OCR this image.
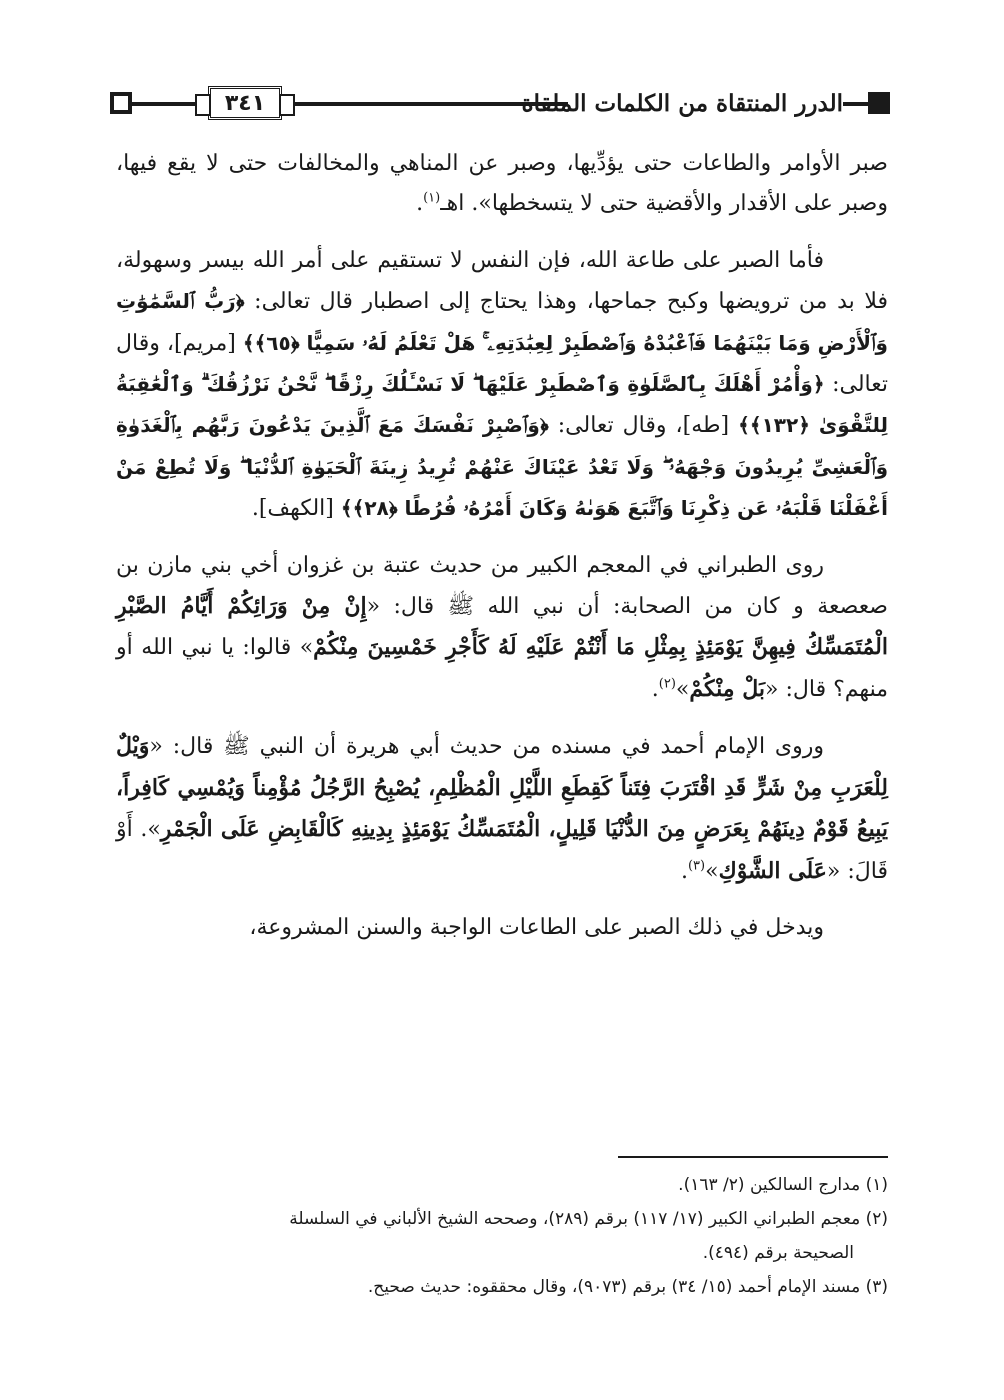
٣٤١	الدرر المنتقاة من الكلمات الملقاة

صبر الأوامر والطاعات حتى يؤدِّيها، وصبر عن المناهي والمخالفات حتى لا يقع فيها، وصبر على الأقدار والأقضية حتى لا يتسخطها». اهـ$^{(١)}$.

فأما الصبر على طاعة الله، فإن النفس لا تستقيم على أمر الله بيسر وسهولة، فلا بد من ترويضها وكبح جماحها، وهذا يحتاج إلى اصطبار قال تعالى: ﴿رَبُّ ٱلسَّمَٰوَٰتِ وَٱلْأَرْضِ وَمَا بَيْنَهُمَا فَٱعْبُدْهُ وَٱصْطَبِرْ لِعِبَٰدَتِهِۦ ۚ هَلْ تَعْلَمُ لَهُۥ سَمِيًّا ﴿٦٥﴾﴾ [مريم]، وقال تعالى: ﴿وَأْمُرْ أَهْلَكَ بِٱلصَّلَوٰةِ وَٱصْطَبِرْ عَلَيْهَا ۖ لَا نَسْـَٔلُكَ رِزْقًا ۖ نَّحْنُ نَرْزُقُكَ ۗ وَٱلْعَٰقِبَةُ لِلتَّقْوَىٰ ﴿١٣٢﴾﴾ [طه]، وقال تعالى: ﴿وَٱصْبِرْ نَفْسَكَ مَعَ ٱلَّذِينَ يَدْعُونَ رَبَّهُم بِٱلْغَدَوٰةِ وَٱلْعَشِىِّ يُرِيدُونَ وَجْهَهُۥ ۖ وَلَا تَعْدُ عَيْنَاكَ عَنْهُمْ تُرِيدُ زِينَةَ ٱلْحَيَوٰةِ ٱلدُّنْيَا ۖ وَلَا تُطِعْ مَنْ أَغْفَلْنَا قَلْبَهُۥ عَن ذِكْرِنَا وَٱتَّبَعَ هَوَىٰهُ وَكَانَ أَمْرُهُۥ فُرُطًا ﴿٢٨﴾﴾ [الكهف].

روى الطبراني في المعجم الكبير من حديث عتبة بن غزوان أخي بني مازن بن صعصعة و كان من الصحابة: أن نبي الله ﷺ قال: «إِنْ مِنْ وَرَائِكُمْ أَيَّامُ الصَّبْرِ الْمُتَمَسِّكُ فِيهِنَّ يَوْمَئِذٍ بِمِثْلِ مَا أَنْتُمْ عَلَيْهِ لَهُ كَأَجْرِ خَمْسِينَ مِنْكُمْ» قالوا: يا نبي الله أو منهم؟ قال: «بَلْ مِنْكُمْ»$^{(٢)}$.

وروى الإمام أحمد في مسنده من حديث أبي هريرة أن النبي ﷺ قال: «وَيْلٌ لِلْعَرَبِ مِنْ شَرٍّ قَدِ اقْتَرَبَ فِتَناً كَقِطَعِ اللَّيْلِ الْمُظْلِمِ، يُصْبِحُ الرَّجُلُ مُؤْمِناً وَيُمْسِي كَافِراً، يَبِيعُ قَوْمٌ دِينَهُمْ بِعَرَضٍ مِنَ الدُّنْيَا قَلِيلٍ، الْمُتَمَسِّكُ يَوْمَئِذٍ بِدِينِهِ كَالْقَابِضِ عَلَى الْجَمْرِ». أَوْ قَالَ: «عَلَى الشَّوْكِ»$^{(٣)}$.

ويدخل في ذلك الصبر على الطاعات الواجبة والسنن المشروعة،

(١) مدارج السالكين (٢/ ١٦٣).

(٢) معجم الطبراني الكبير (١٧/ ١١٧) برقم (٢٨٩)، وصححه الشيخ الألباني في السلسلة

الصحيحة برقم (٤٩٤).

(٣) مسند الإمام أحمد (١٥/ ٣٤) برقم (٩٠٧٣)، وقال محققوه: حديث صحيح.
